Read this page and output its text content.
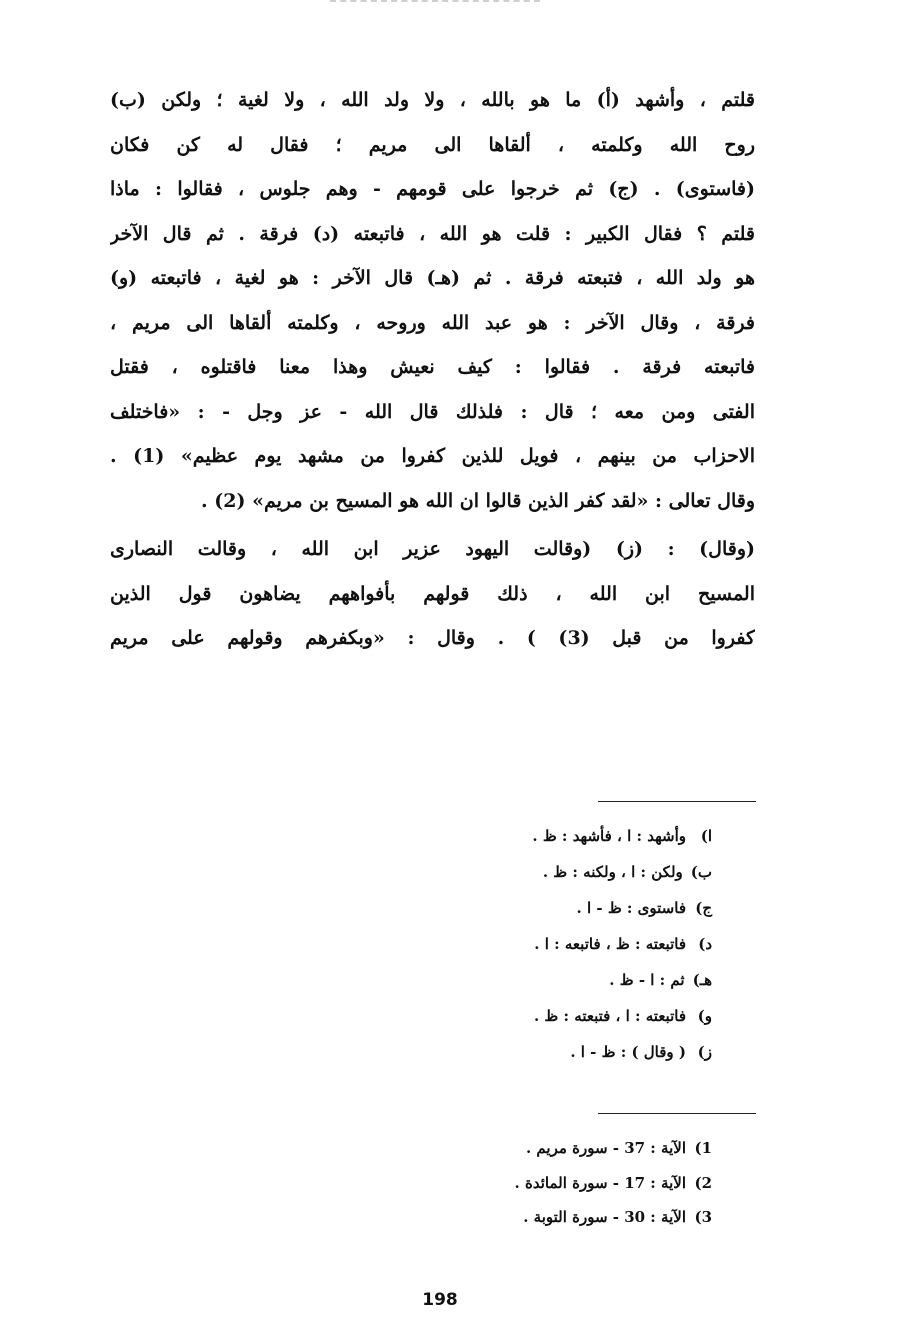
قلتم ، وأشهد (أ) ما هو بالله ، ولا ولد الله ، ولا لغية ؛ ولكن (ب)
روح الله وكلمته ، ألقاها الى مريم ؛ فقال له كن فكان
(فاستوى) . (ج) ثم خرجوا على قومهم - وهم جلوس ، فقالوا : ماذا
قلتم ؟ فقال الكبير : قلت هو الله ، فاتبعته (د) فرقة . ثم قال الآخر
هو ولد الله ، فتبعته فرقة . ثم (هـ) قال الآخر : هو لغية ، فاتبعته (و)
فرقة ، وقال الآخر : هو عبد الله وروحه ، وكلمته ألقاها الى مريم ،
فاتبعته فرقة . فقالوا : كيف نعيش وهذا معنا فاقتلوه ، فقتل
الفتى ومن معه ؛ قال : فلذلك قال الله - عز وجل - : «فاختلف
الاحزاب من بينهم ، فويل للذين كفروا من مشهد يوم عظيم» (1) .
وقال تعالى : «لقد كفر الذين قالوا ان الله هو المسيح بن مريم» (2) .
(وقال) : (ز) (وقالت اليهود عزير ابن الله ، وقالت النصارى
المسيح ابن الله ، ذلك قولهم بأفواههم يضاهون قول الذين
كفروا من قبل (3) ) . وقال : «وبكفرهم وقولهم على مريم
ا)وأشهد : ا ، فأشهد : ظ .
ب)ولكن : ا ، ولكنه : ظ .
ج)فاستوى : ظ - ا .
د)فاتبعته : ظ ، فاتبعه : ا .
هـ)ثم : ا - ظ .
و)فاتبعته : ا ، فتبعته : ظ .
ز)( وقال ) : ظ - ا .
1)الآية : 37 - سورة مريم .
2)الآية : 17 - سورة المائدة .
3)الآية : 30 - سورة التوبة .
198
